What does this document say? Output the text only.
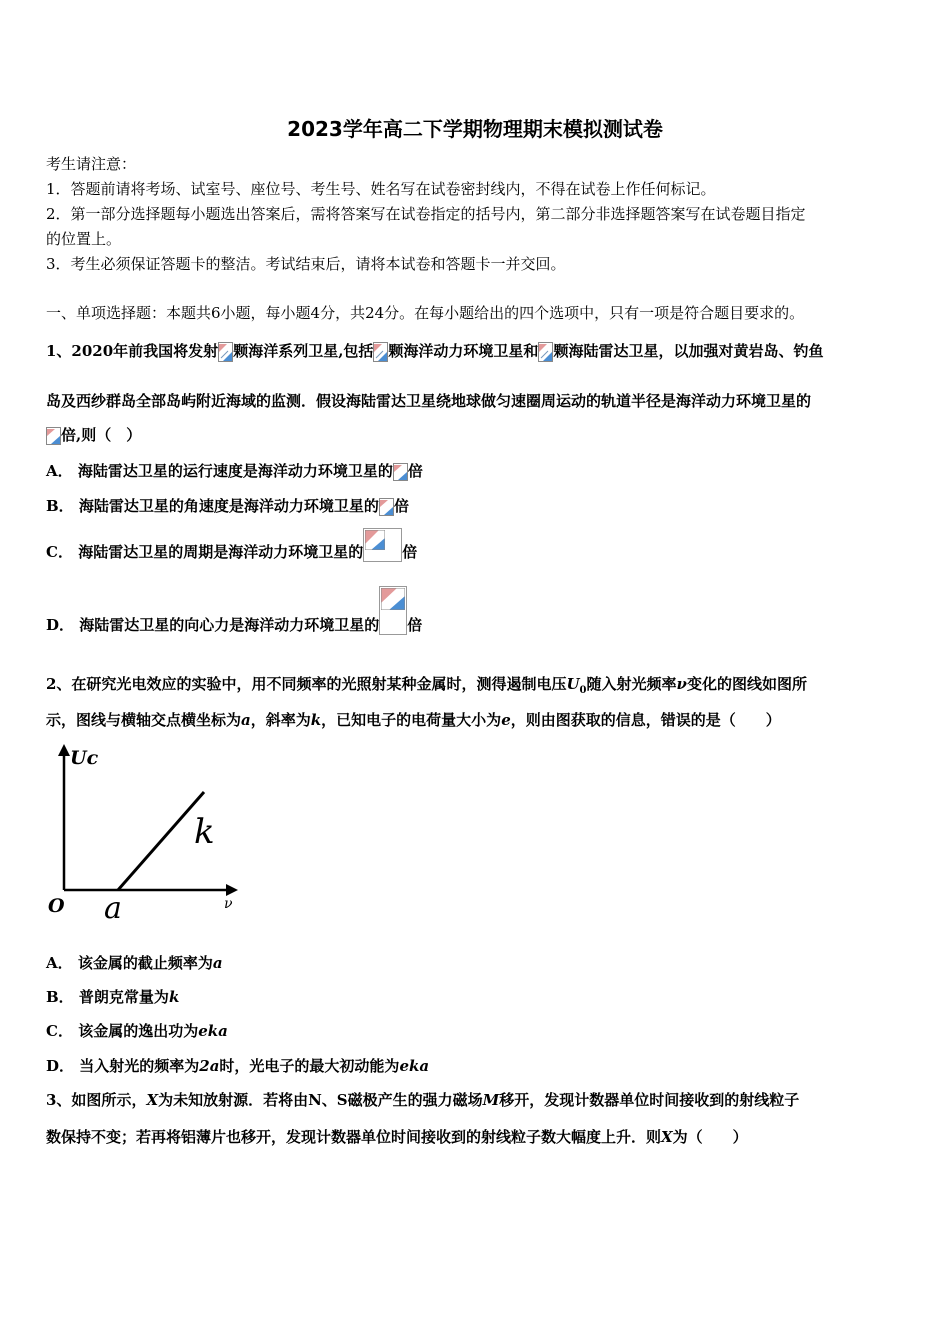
2023学年高二下学期物理期末模拟测试卷
考生请注意：
1．答题前请将考场、试室号、座位号、考生号、姓名写在试卷密封线内，不得在试卷上作任何标记。
2．第一部分选择题每小题选出答案后，需将答案写在试卷指定的括号内，第二部分非选择题答案写在试卷题目指定
的位置上。
3．考生必须保证答题卡的整洁。考试结束后，请将本试卷和答题卡一并交回。
一、单项选择题：本题共6小题，每小题4分，共24分。在每小题给出的四个选项中，只有一项是符合题目要求的。
1、2020年前我国将发射 颗海洋系列卫星,包括 颗海洋动力环境卫星和 颗海陆雷达卫星，以加强对黄岩岛、钓鱼
岛及西纱群岛全部岛屿附近海域的监测．假设海陆雷达卫星绕地球做匀速圈周运动的轨道半径是海洋动力环境卫星的
倍,则（　）
A． 海陆雷达卫星的运行速度是海洋动力环境卫星的 倍
B． 海陆雷达卫星的角速度是海洋动力环境卫星的 倍
C． 海陆雷达卫星的周期是海洋动力环境卫星的	倍
D． 海陆雷达卫星的向心力是海洋动力环境卫星的 倍
2、在研究光电效应的实验中，用不同频率的光照射某种金属时，测得遏制电压$U_0$随入射光频率ν变化的图线如图所
示，图线与横轴交点横坐标为a，斜率为k，已知电子的电荷量大小为e，则由图获取的信息，错误的是（　　）
Uc
ν
O a
k
A． 该金属的截止频率为a
B． 普朗克常量为k
C． 该金属的逸出功为eka
D． 当入射光的频率为2a时，光电子的最大初动能为eka
3、如图所示，X为未知放射源．若将由N、S磁极产生的强力磁场M移开，发现计数器单位时间接收到的射线粒子
数保持不变；若再将铝薄片也移开，发现计数器单位时间接收到的射线粒子数大幅度上升．则X为（　　）
